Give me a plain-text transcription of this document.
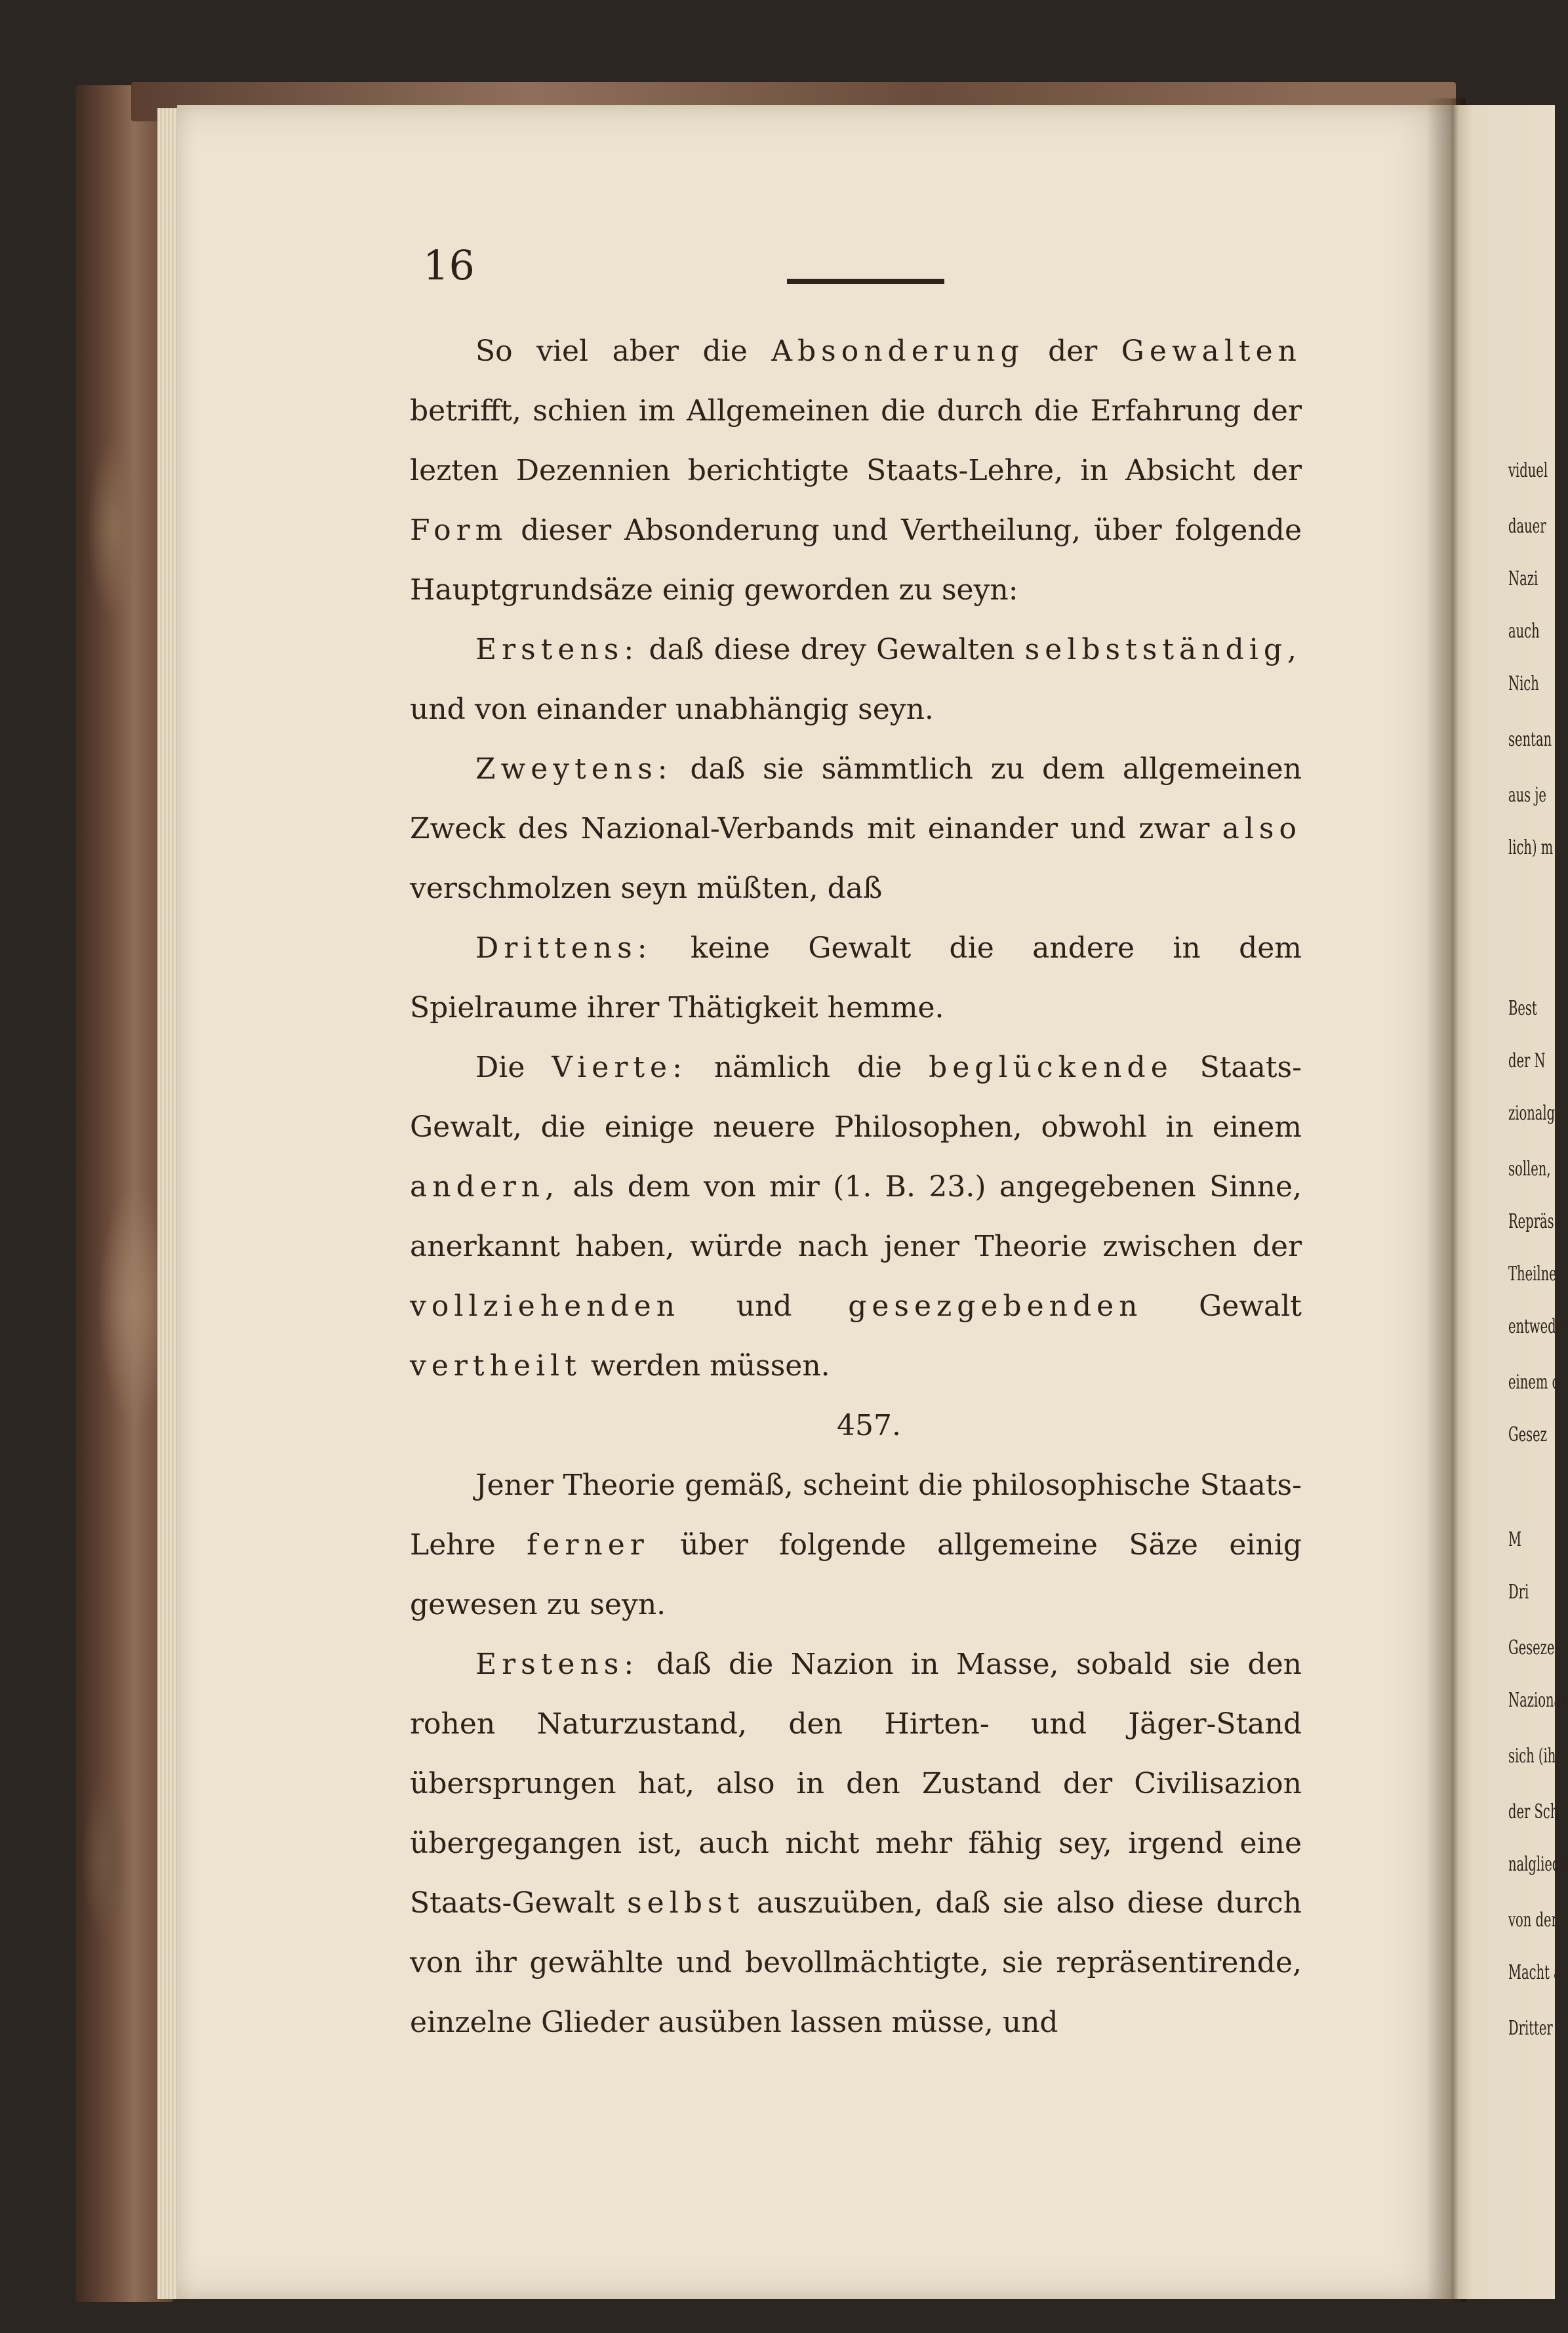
16

So viel aber die Absonderung der Gewalten betrifft, schien im Allgemeinen die durch die Erfahrung der lezten Dezennien berichtigte Staats-Lehre, in Absicht der Form dieser Absonderung und Vertheilung, über folgende Hauptgrundsäze einig geworden zu seyn:

Erstens: daß diese drey Gewalten selbstständig, und von einander unabhängig seyn.

Zweytens: daß sie sämmtlich zu dem allgemeinen Zweck des Nazional-Verbands mit einander und zwar also verschmolzen seyn müßten, daß

Drittens: keine Gewalt die andere in dem Spielraume ihrer Thätigkeit hemme.

Die Vierte: nämlich die beglückende Staats-Gewalt, die einige neuere Philosophen, obwohl in einem andern, als dem von mir (1. B. 23.) angegebenen Sinne, anerkannt haben, würde nach jener Theorie zwischen der vollziehenden und gesezgebenden Gewalt vertheilt werden müssen.

457.

Jener Theorie gemäß, scheint die philosophische Staats-Lehre ferner über folgende allgemeine Säze einig gewesen zu seyn.

Erstens: daß die Nazion in Masse, sobald sie den rohen Naturzustand, den Hirten- und Jäger-Stand übersprungen hat, also in den Zustand der Civilisazion übergegangen ist, auch nicht mehr fähig sey, irgend eine Staats-Gewalt selbst auszuüben, daß sie also diese durch von ihr gewählte und bevollmächtigte, sie repräsentirende, einzelne Glieder ausüben lassen müsse, und

viduel
dauer
Nazi
auch
Nich
sentan
aus je
lich) m
Best
der N
zionalg
sollen,
Repräs
Theilne
entwede
einem o
Gesez
M
Dri
Geseze
Nazional
sich (ih
der Sch
nalgliede
von der
Macht a
Dritter
